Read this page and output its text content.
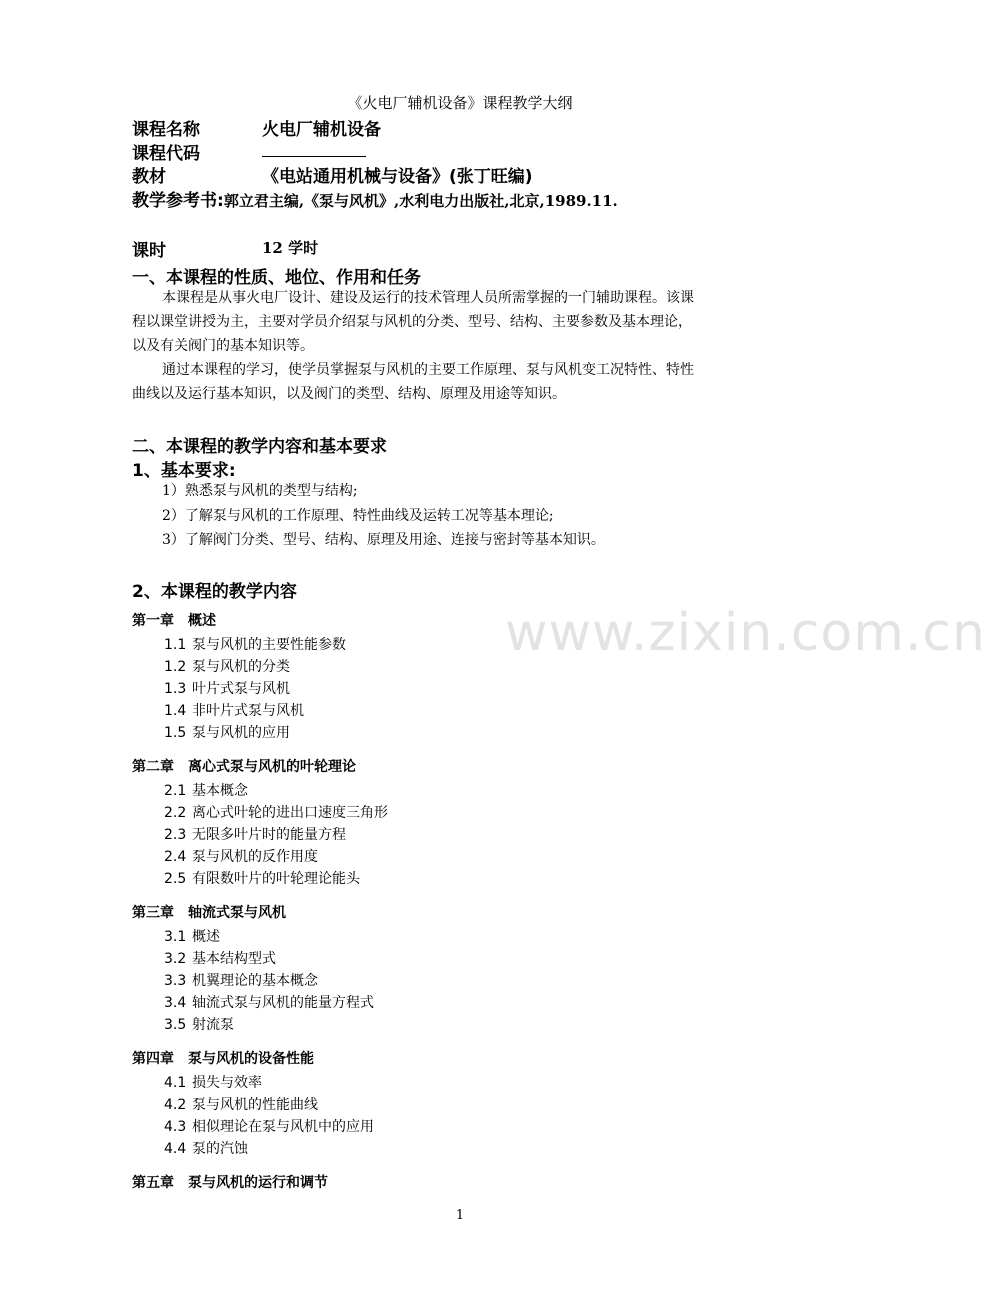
《火电厂辅机设备》课程教学大纲
课程名称	火电厂辅机设备
课程代码
教材	《电站通用机械与设备》(张丁旺编)
教学参考书:郭立君主编,《泵与风机》,水利电力出版社,北京,1989.11.
课时	12 学时
一、本课程的性质、地位、作用和任务
本课程是从事火电厂设计、建设及运行的技术管理人员所需掌握的一门辅助课程。该课
程以课堂讲授为主，主要对学员介绍泵与风机的分类、型号、结构、主要参数及基本理论，
以及有关阀门的基本知识等。
通过本课程的学习，使学员掌握泵与风机的主要工作原理、泵与风机变工况特性、特性
曲线以及运行基本知识，以及阀门的类型、结构、原理及用途等知识。
二、本课程的教学内容和基本要求
1、基本要求:
1）熟悉泵与风机的类型与结构;
2）了解泵与风机的工作原理、特性曲线及运转工况等基本理论;
3）了解阀门分类、型号、结构、原理及用途、连接与密封等基本知识。
2、本课程的教学内容
www.zixin.com.cn
第一章　概述
1.1 泵与风机的主要性能参数
1.2 泵与风机的分类
1.3 叶片式泵与风机
1.4 非叶片式泵与风机
1.5 泵与风机的应用
第二章　离心式泵与风机的叶轮理论
2.1 基本概念
2.2 离心式叶轮的进出口速度三角形
2.3 无限多叶片时的能量方程
2.4 泵与风机的反作用度
2.5 有限数叶片的叶轮理论能头
第三章　轴流式泵与风机
3.1 概述
3.2 基本结构型式
3.3 机翼理论的基本概念
3.4 轴流式泵与风机的能量方程式
3.5 射流泵
第四章　泵与风机的设备性能
4.1 损失与效率
4.2 泵与风机的性能曲线
4.3 相似理论在泵与风机中的应用
4.4 泵的汽蚀
第五章　泵与风机的运行和调节
1
